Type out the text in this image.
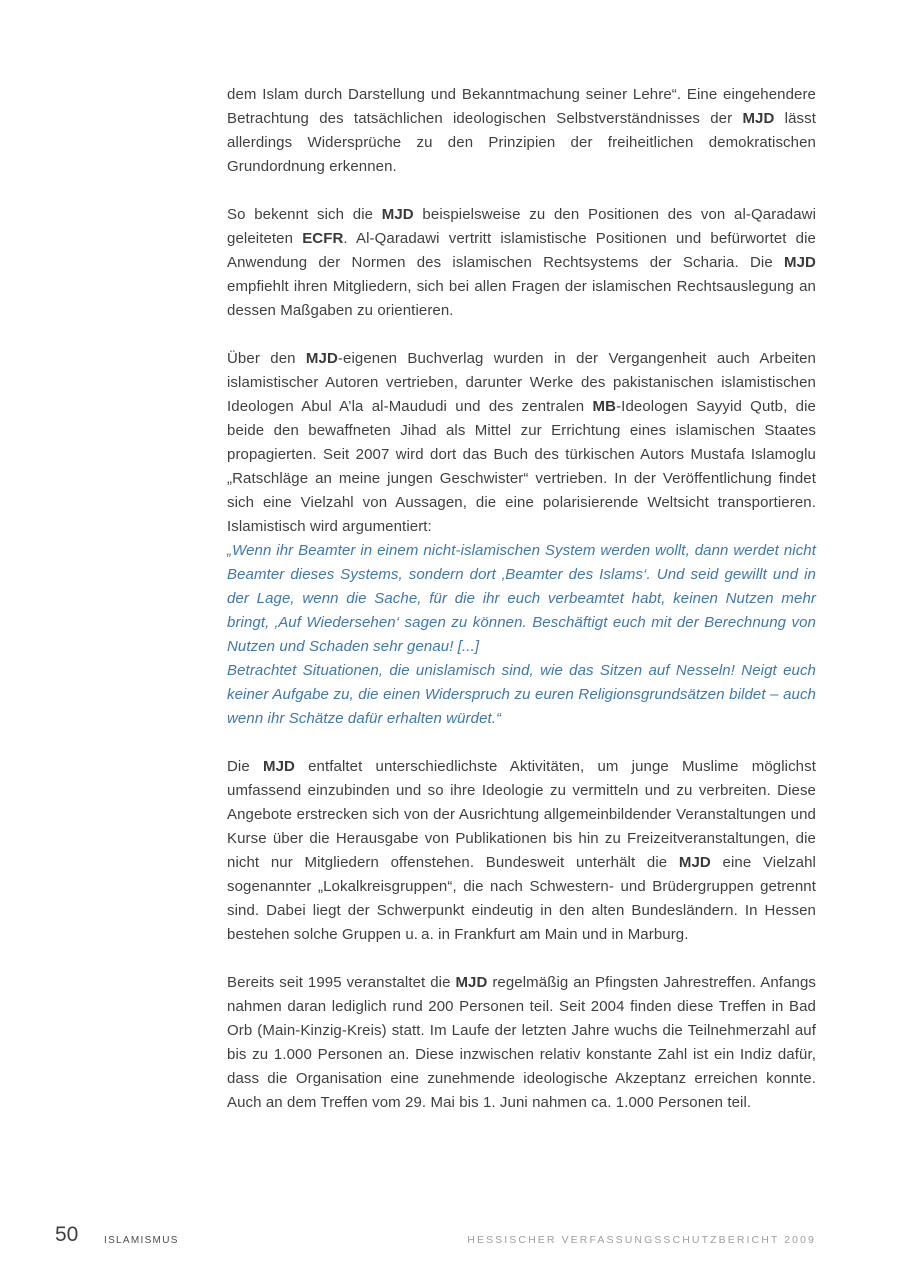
dem Islam durch Darstellung und Bekanntmachung seiner Lehre“. Eine eingehendere Betrachtung des tatsächlichen ideologischen Selbstverständnisses der MJD lässt allerdings Widersprüche zu den Prinzipien der freiheitlichen demokratischen Grundordnung erkennen.

So bekennt sich die MJD beispielsweise zu den Positionen des von al-Qaradawi geleiteten ECFR. Al-Qaradawi vertritt islamistische Positionen und befürwortet die Anwendung der Normen des islamischen Rechtsystems der Scharia. Die MJD empfiehlt ihren Mitgliedern, sich bei allen Fragen der islamischen Rechtsauslegung an dessen Maßgaben zu orientieren.

Über den MJD-eigenen Buchverlag wurden in der Vergangenheit auch Arbeiten islamistischer Autoren vertrieben, darunter Werke des pakistanischen islamistischen Ideologen Abul A’la al-Maududi und des zentralen MB-Ideologen Sayyid Qutb, die beide den bewaffneten Jihad als Mittel zur Errichtung eines islamischen Staates propagierten. Seit 2007 wird dort das Buch des türkischen Autors Mustafa Islamoglu „Ratschläge an meine jungen Geschwister“ vertrieben. In der Veröffentlichung findet sich eine Vielzahl von Aussagen, die eine polarisierende Weltsicht transportieren. Islamistisch wird argumentiert:

„Wenn ihr Beamter in einem nicht-islamischen System werden wollt, dann werdet nicht Beamter dieses Systems, sondern dort ‚Beamter des Islams‘. Und seid gewillt und in der Lage, wenn die Sache, für die ihr euch verbeamtet habt, keinen Nutzen mehr bringt, ‚Auf Wiedersehen‘ sagen zu können. Beschäftigt euch mit der Berechnung von Nutzen und Schaden sehr genau! [...]

Betrachtet Situationen, die unislamisch sind, wie das Sitzen auf Nesseln! Neigt euch keiner Aufgabe zu, die einen Widerspruch zu euren Religionsgrundsätzen bildet – auch wenn ihr Schätze dafür erhalten würdet.“

Die MJD entfaltet unterschiedlichste Aktivitäten, um junge Muslime möglichst umfassend einzubinden und so ihre Ideologie zu vermitteln und zu verbreiten. Diese Angebote erstrecken sich von der Ausrichtung allgemeinbildender Veranstaltungen und Kurse über die Herausgabe von Publikationen bis hin zu Freizeitveranstaltungen, die nicht nur Mitgliedern offenstehen. Bundesweit unterhält die MJD eine Vielzahl sogenannter „Lokalkreisgruppen“, die nach Schwestern- und Brüdergruppen getrennt sind. Dabei liegt der Schwerpunkt eindeutig in den alten Bundesländern. In Hessen bestehen solche Gruppen u. a. in Frankfurt am Main und in Marburg.

Bereits seit 1995 veranstaltet die MJD regelmäßig an Pfingsten Jahrestreffen. Anfangs nahmen daran lediglich rund 200 Personen teil. Seit 2004 finden diese Treffen in Bad Orb (Main-Kinzig-Kreis) statt. Im Laufe der letzten Jahre wuchs die Teilnehmerzahl auf bis zu 1.000 Personen an. Diese inzwischen relativ konstante Zahl ist ein Indiz dafür, dass die Organisation eine zunehmende ideologische Akzeptanz erreichen konnte. Auch an dem Treffen vom 29. Mai bis 1. Juni nahmen ca. 1.000 Personen teil.

50	ISLAMISMUS	HESSISCHER VERFASSUNGSSCHUTZBERICHT 2009
